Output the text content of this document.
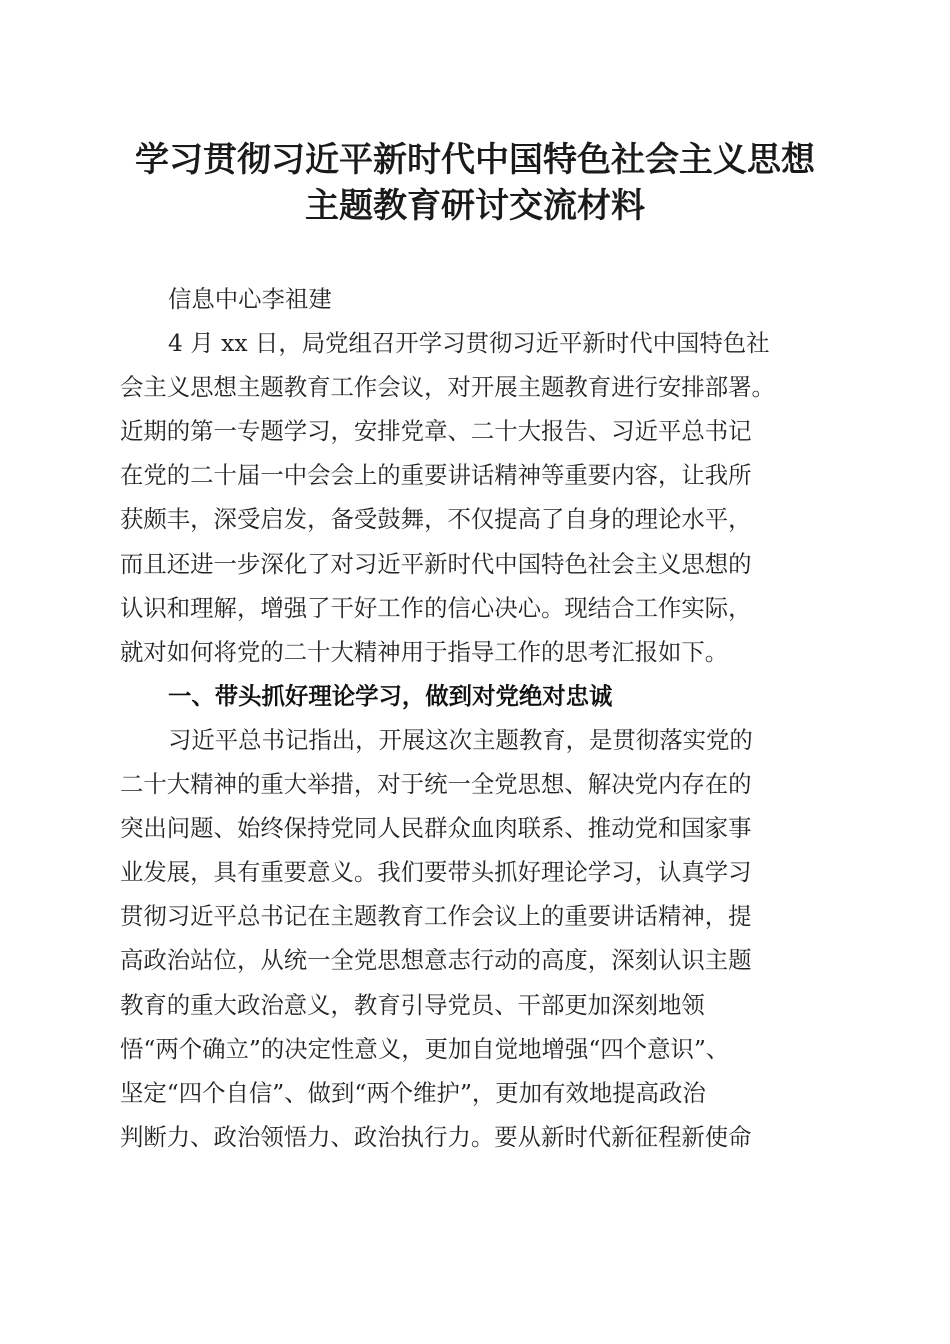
学习贯彻习近平新时代中国特色社会主义思想
主题教育研讨交流材料
信息中心李祖建
4 月 xx 日，局党组召开学习贯彻习近平新时代中国特色社
会主义思想主题教育工作会议，对开展主题教育进行安排部署。
近期的第一专题学习，安排党章、二十大报告、习近平总书记
在党的二十届一中会会上的重要讲话精神等重要内容，让我所
获颇丰，深受启发，备受鼓舞，不仅提高了自身的理论水平，
而且还进一步深化了对习近平新时代中国特色社会主义思想的
认识和理解，增强了干好工作的信心决心。现结合工作实际，
就对如何将党的二十大精神用于指导工作的思考汇报如下。
一、带头抓好理论学习，做到对党绝对忠诚
习近平总书记指出，开展这次主题教育，是贯彻落实党的
二十大精神的重大举措，对于统一全党思想、解决党内存在的
突出问题、始终保持党同人民群众血肉联系、推动党和国家事
业发展，具有重要意义。我们要带头抓好理论学习，认真学习
贯彻习近平总书记在主题教育工作会议上的重要讲话精神，提
高政治站位，从统一全党思想意志行动的高度，深刻认识主题
教育的重大政治意义，教育引导党员、干部更加深刻地领
悟“两个确立”的决定性意义，更加自觉地增强“四个意识”、
坚定“四个自信”、做到“两个维护”，更加有效地提高政治
判断力、政治领悟力、政治执行力。要从新时代新征程新使命
